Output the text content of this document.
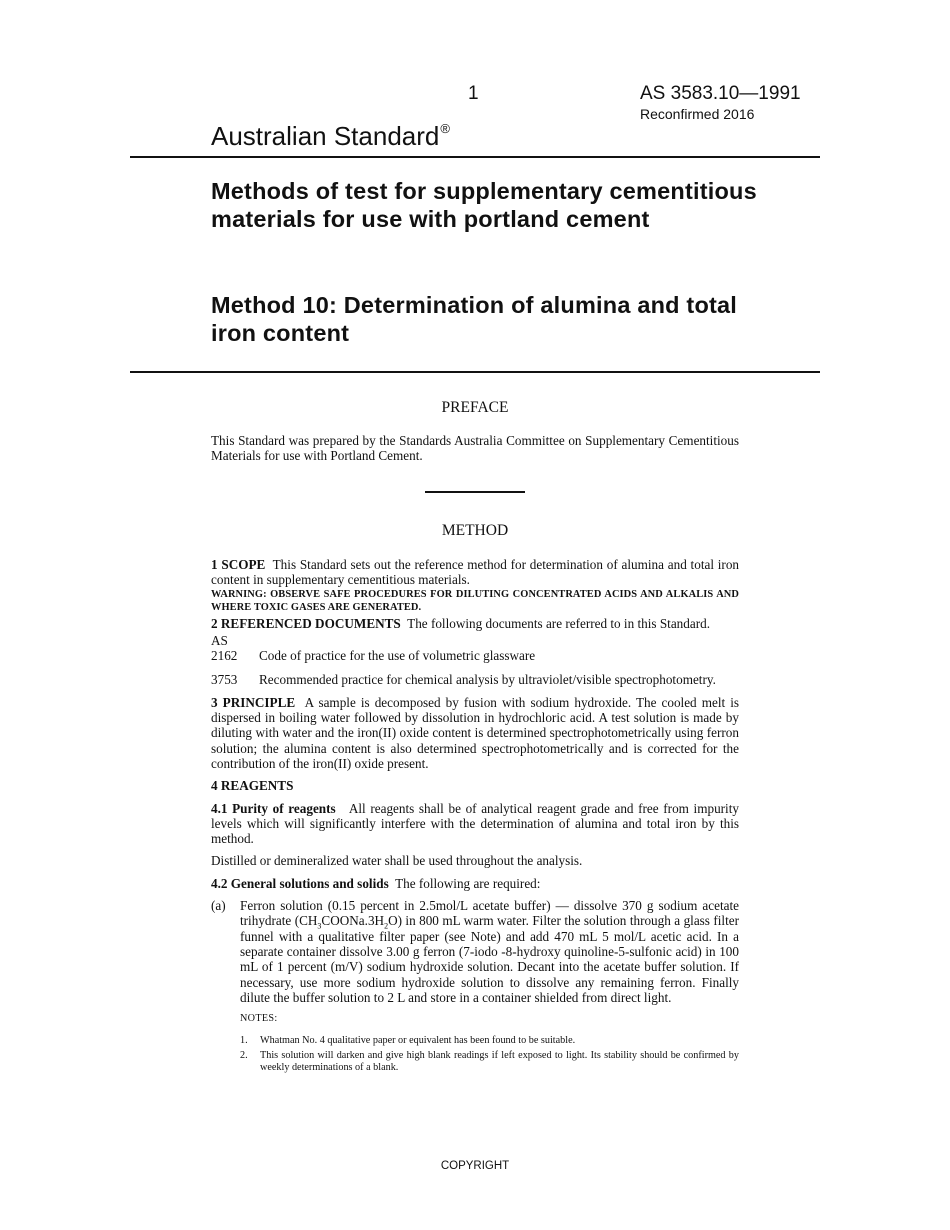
1	AS 3583.10—1991
Reconfirmed 2016
Australian Standard®
Methods of test for supplementary cementitious materials for use with portland cement
Method 10: Determination of alumina and total iron content
PREFACE

This Standard was prepared by the Standards Australia Committee on Supplementary Cementitious Materials for use with Portland Cement.

METHOD

1 SCOPE This Standard sets out the reference method for determination of alumina and total iron content in supplementary cementitious materials.

WARNING: OBSERVE SAFE PROCEDURES FOR DILUTING CONCENTRATED ACIDS AND ALKALIS AND WHERE TOXIC GASES ARE GENERATED.

2 REFERENCED DOCUMENTS The following documents are referred to in this Standard.

AS

2162	Code of practice for the use of volumetric glassware
3753	Recommended practice for chemical analysis by ultraviolet/visible spectrophotometry.

3 PRINCIPLE A sample is decomposed by fusion with sodium hydroxide. The cooled melt is dispersed in boiling water followed by dissolution in hydrochloric acid. A test solution is made by diluting with water and the iron(II) oxide content is determined spectrophotometrically using ferron solution; the alumina content is also determined spectrophotometrically and is corrected for the contribution of the iron(II) oxide present.

4 REAGENTS

4.1 Purity of reagents All reagents shall be of analytical reagent grade and free from impurity levels which will significantly interfere with the determination of alumina and total iron by this method.

Distilled or demineralized water shall be used throughout the analysis.

4.2 General solutions and solids The following are required:

(a)	Ferron solution (0.15 percent in 2.5mol/L acetate buffer) — dissolve 370 g sodium acetate trihydrate $(CH_3COONa.3H_2O)$ in 800 mL warm water. Filter the solution through a glass filter funnel with a qualitative filter paper (see Note) and add 470 mL 5 mol/L acetic acid. In a separate container dissolve 3.00 g ferron (7-iodo -8-hydroxy quinoline-5-sulfonic acid) in 100 mL of 1 percent (m/V) sodium hydroxide solution. Decant into the acetate buffer solution. If necessary, use more sodium hydroxide solution to dissolve any remaining ferron. Finally dilute the buffer solution to 2 L and store in a container shielded from direct light.

NOTES:

1.	Whatman No. 4 qualitative paper or equivalent has been found to be suitable.
2.	This solution will darken and give high blank readings if left exposed to light. Its stability should be confirmed by weekly determinations of a blank.
COPYRIGHT
